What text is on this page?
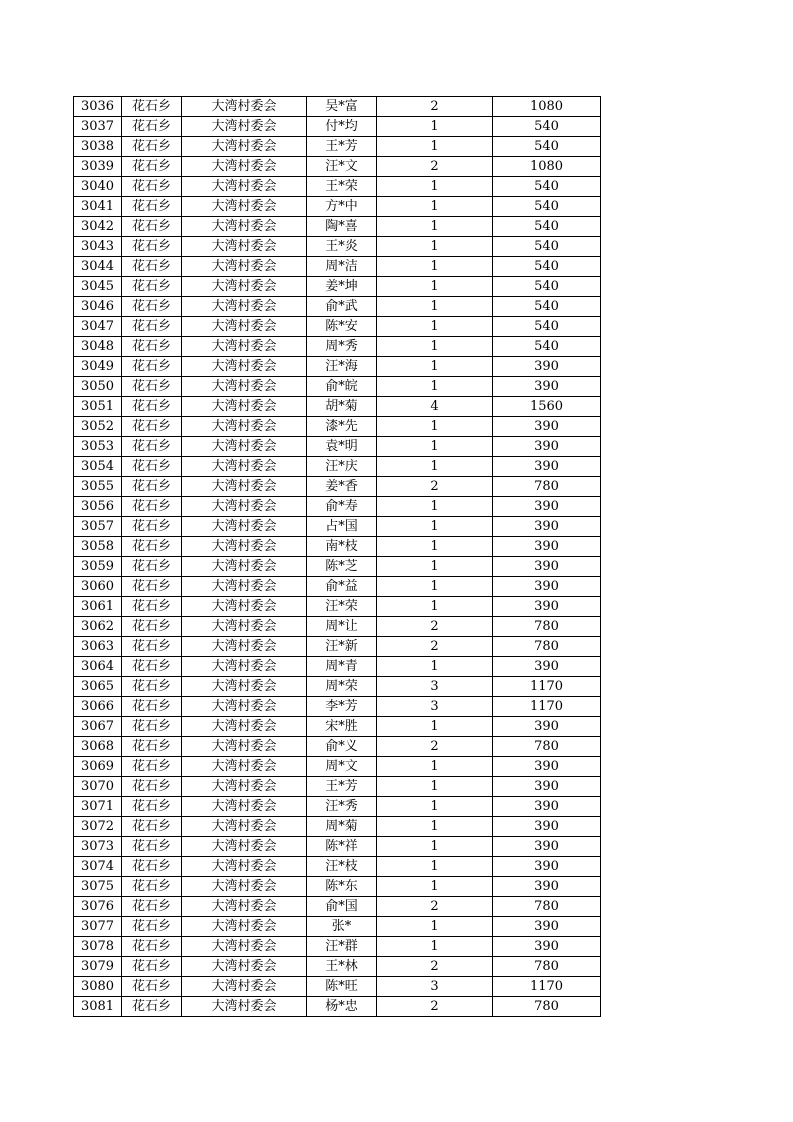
3036	花石乡	大湾村委会	吴*富	2	1080
3037	花石乡	大湾村委会	付*均	1	540
3038	花石乡	大湾村委会	王*芳	1	540
3039	花石乡	大湾村委会	汪*文	2	1080
3040	花石乡	大湾村委会	王*荣	1	540
3041	花石乡	大湾村委会	方*中	1	540
3042	花石乡	大湾村委会	陶*喜	1	540
3043	花石乡	大湾村委会	王*炎	1	540
3044	花石乡	大湾村委会	周*洁	1	540
3045	花石乡	大湾村委会	姜*坤	1	540
3046	花石乡	大湾村委会	俞*武	1	540
3047	花石乡	大湾村委会	陈*安	1	540
3048	花石乡	大湾村委会	周*秀	1	540
3049	花石乡	大湾村委会	汪*海	1	390
3050	花石乡	大湾村委会	俞*皖	1	390
3051	花石乡	大湾村委会	胡*菊	4	1560
3052	花石乡	大湾村委会	漆*先	1	390
3053	花石乡	大湾村委会	袁*明	1	390
3054	花石乡	大湾村委会	汪*庆	1	390
3055	花石乡	大湾村委会	姜*香	2	780
3056	花石乡	大湾村委会	俞*寿	1	390
3057	花石乡	大湾村委会	占*国	1	390
3058	花石乡	大湾村委会	南*枝	1	390
3059	花石乡	大湾村委会	陈*芝	1	390
3060	花石乡	大湾村委会	俞*益	1	390
3061	花石乡	大湾村委会	汪*荣	1	390
3062	花石乡	大湾村委会	周*让	2	780
3063	花石乡	大湾村委会	汪*新	2	780
3064	花石乡	大湾村委会	周*青	1	390
3065	花石乡	大湾村委会	周*荣	3	1170
3066	花石乡	大湾村委会	李*芳	3	1170
3067	花石乡	大湾村委会	宋*胜	1	390
3068	花石乡	大湾村委会	俞*义	2	780
3069	花石乡	大湾村委会	周*文	1	390
3070	花石乡	大湾村委会	王*芳	1	390
3071	花石乡	大湾村委会	汪*秀	1	390
3072	花石乡	大湾村委会	周*菊	1	390
3073	花石乡	大湾村委会	陈*祥	1	390
3074	花石乡	大湾村委会	汪*枝	1	390
3075	花石乡	大湾村委会	陈*东	1	390
3076	花石乡	大湾村委会	俞*国	2	780
3077	花石乡	大湾村委会	张*	1	390
3078	花石乡	大湾村委会	汪*群	1	390
3079	花石乡	大湾村委会	王*林	2	780
3080	花石乡	大湾村委会	陈*旺	3	1170
3081	花石乡	大湾村委会	杨*忠	2	780
